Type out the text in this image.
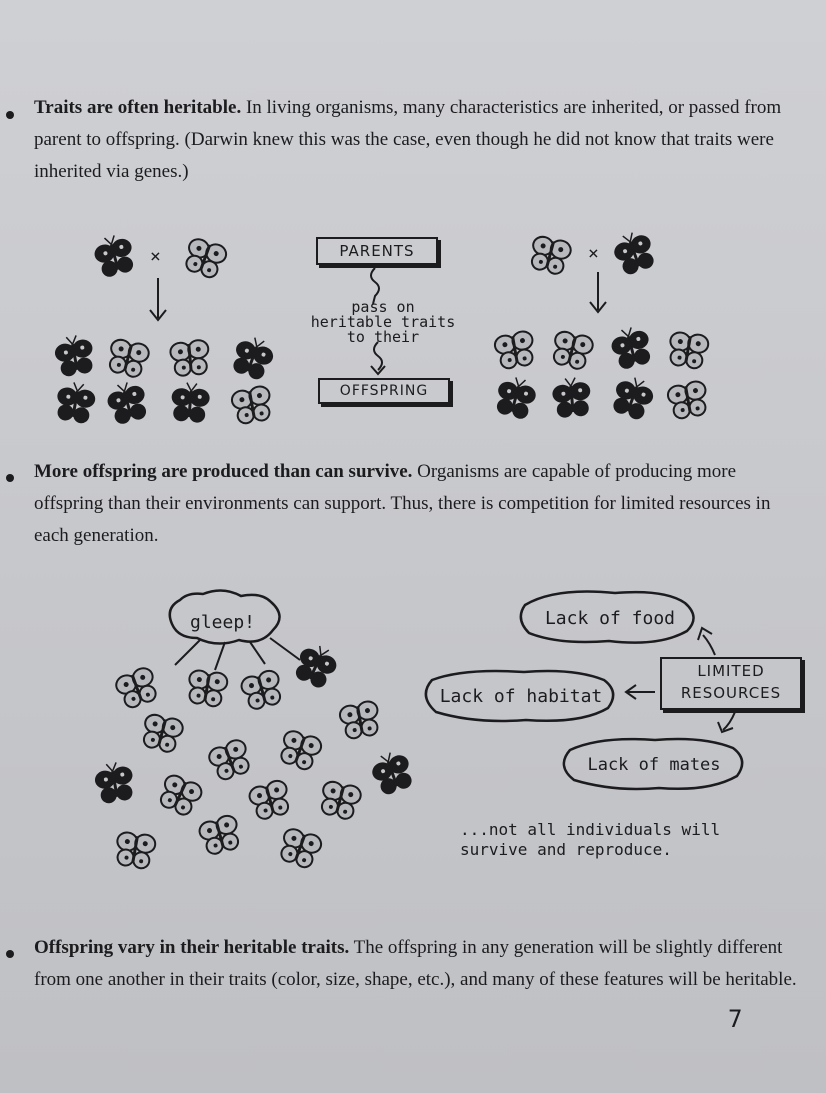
Traits are often heritable. In living organisms, many characteristics are inherited, or passed from parent to offspring. (Darwin knew this was the case, even though he did not know that traits were inherited via genes.)
More offspring are produced than can survive. Organisms are capable of producing more offspring than their environments can support. Thus, there is competition for limited resources in each generation.
Offspring vary in their heritable traits. The offspring in any generation will be slightly different from one another in their traits (color, size, shape, etc.), and many of these features will be heritable.
PARENTS
pass on heritable traits to their
OFFSPRING
×	×
gleep!	Lack of food
Lack of habitat
Lack of mates
LIMITED RESOURCES
...not all individuals will survive and reproduce.
7
